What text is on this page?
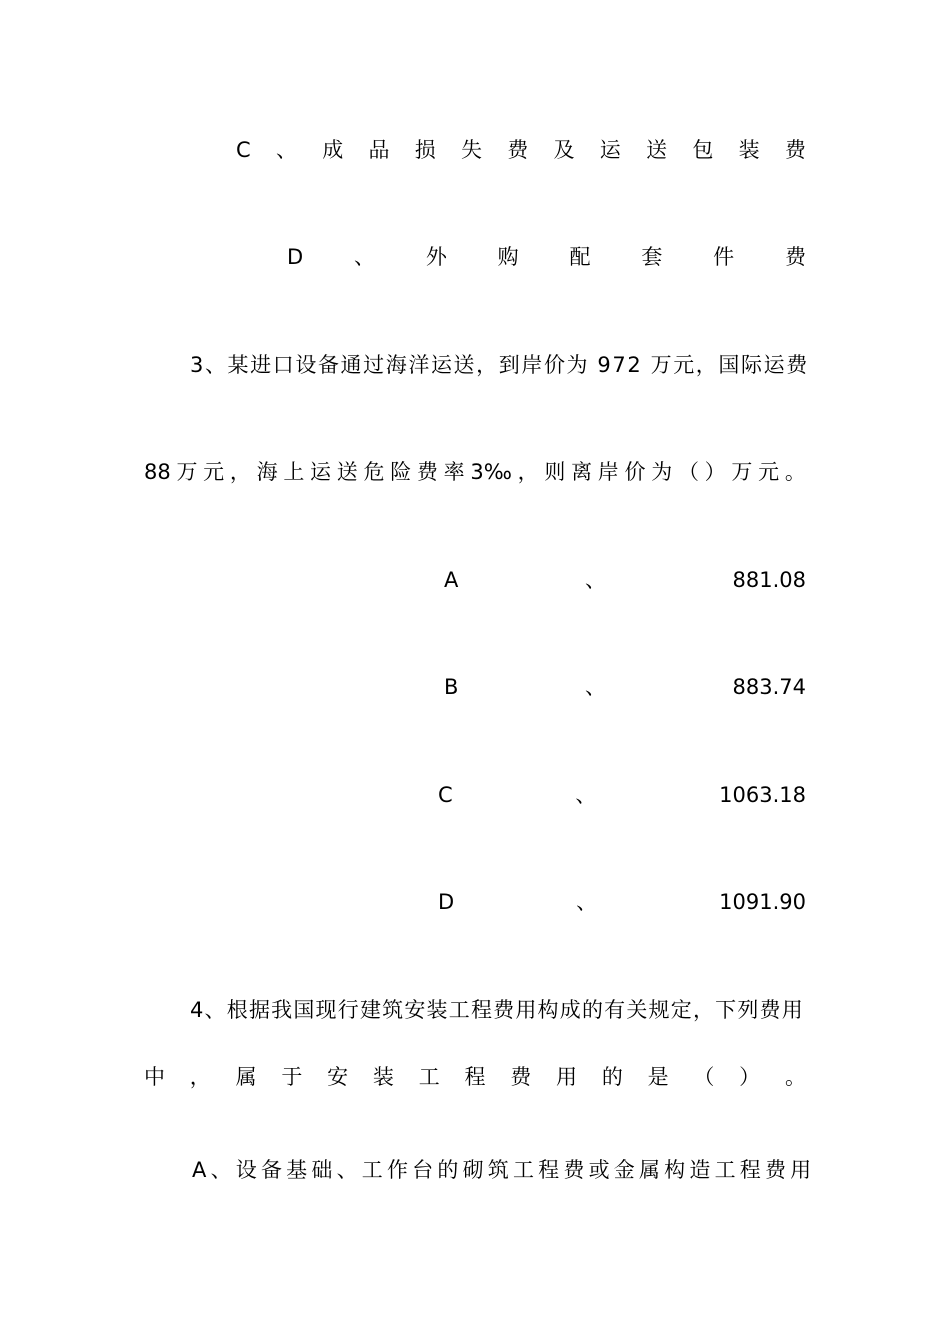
C 、 成 品 损 失 费 及 运 送 包 装 费
D 、 外 购 配 套 件 费
3、某进口设备通过海洋运送，到岸价为 972 万元，国际运费
88 万 元 ， 海 上 运 送 危 险 费 率 3‰ ， 则 离 岸 价 为 （ ） 万 元 。
A	、	881.08
B	、	883.74
C	、	1063.18
D	、	1091.90
4、根据我国现行建筑安装工程费用构成的有关规定，下列费用
中 ， 属 于 安 装 工 程 费 用 的 是 （ ） 。
A、设备基础、工作台的砌筑工程费或金属构造工程费用
